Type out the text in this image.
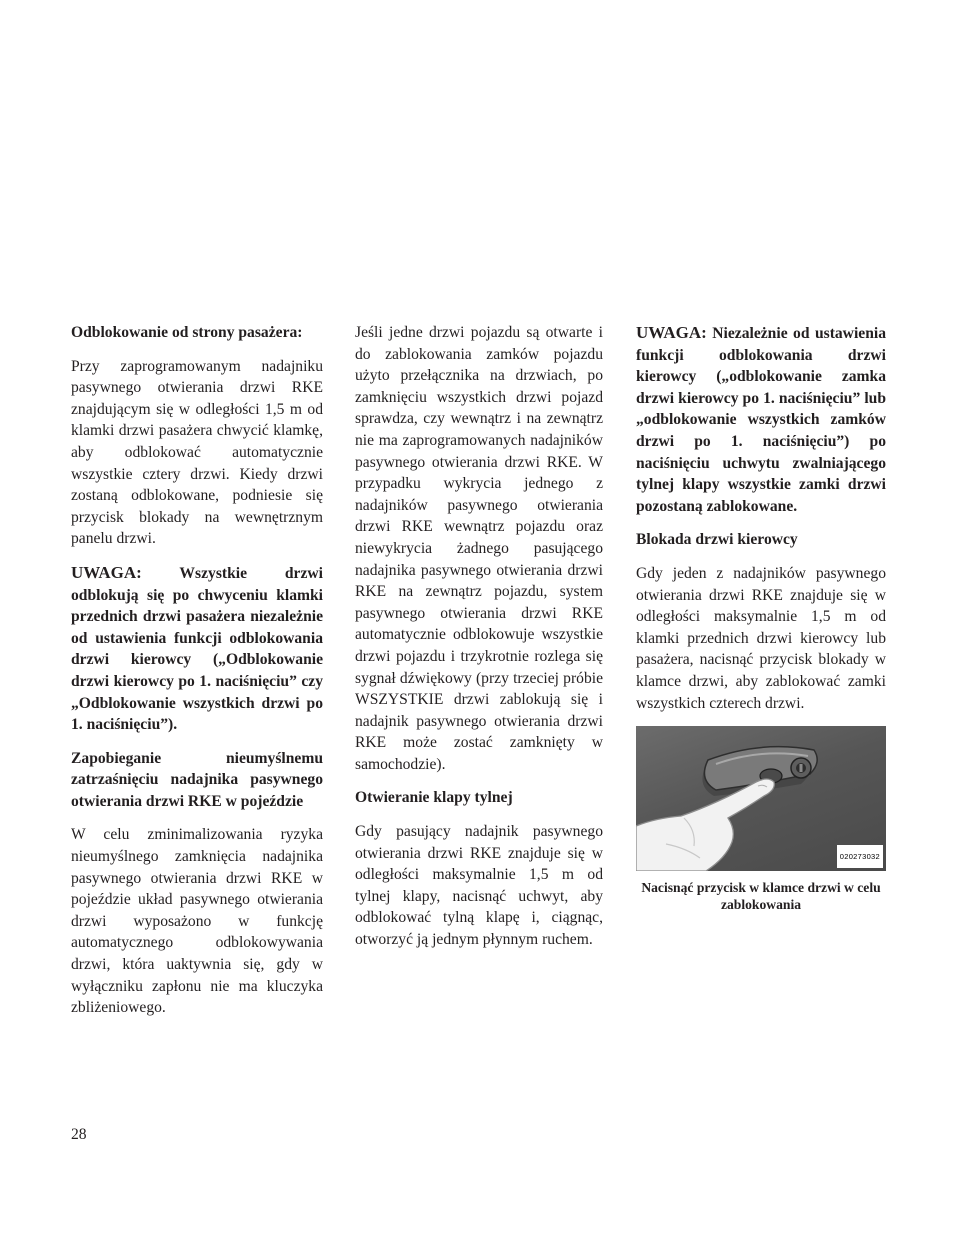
Odblokowanie od strony pasażera:

Przy zaprogramowanym nadajniku pasywnego otwierania drzwi RKE znajdującym się w odległości 1,5 m od klamki drzwi pasażera chwycić klamkę, aby odblokować automatycznie wszystkie cztery drzwi. Kiedy drzwi zostaną odblokowane, podniesie się przycisk blokady na wewnętrznym panelu drzwi.

UWAGA: Wszystkie drzwi odblokują się po chwyceniu klamki przednich drzwi pasażera niezależnie od ustawienia funkcji odblokowania drzwi kierowcy („Odblokowanie drzwi kierowcy po 1. naciśnięciu” czy „Odblokowanie wszystkich drzwi po 1. naciśnięciu”).

Zapobieganie nieumyślnemu zatrzaśnięciu nadajnika pasywnego otwierania drzwi RKE w pojeździe

W celu zminimalizowania ryzyka nieumyślnego zamknięcia nadajnika pasywnego otwierania drzwi RKE w pojeździe układ pasywnego otwierania drzwi wyposażono w funkcję automatycznego odblokowywania drzwi, która uaktywnia się, gdy w wyłączniku zapłonu nie ma kluczyka zbliżeniowego.

Jeśli jedne drzwi pojazdu są otwarte i do zablokowania zamków pojazdu użyto przełącznika na drzwiach, po zamknięciu wszystkich drzwi pojazd sprawdza, czy wewnątrz i na zewnątrz nie ma zaprogramowanych nadajników pasywnego otwierania drzwi RKE. W przypadku wykrycia jednego z nadajników pasywnego otwierania drzwi RKE wewnątrz pojazdu oraz niewykrycia żadnego pasującego nadajnika pasywnego otwierania drzwi RKE na zewnątrz pojazdu, system pasywnego otwierania drzwi RKE automatycznie odblokowuje wszystkie drzwi pojazdu i trzykrotnie rozlega się sygnał dźwiękowy (przy trzeciej próbie WSZYSTKIE drzwi zablokują się i nadajnik pasywnego otwierania drzwi RKE może zostać zamknięty w samochodzie).

Otwieranie klapy tylnej

Gdy pasujący nadajnik pasywnego otwierania drzwi RKE znajduje się w odległości maksymalnie 1,5 m od tylnej klapy, nacisnąć uchwyt, aby odblokować tylną klapę i, ciągnąc, otworzyć ją jednym płynnym ruchem.

UWAGA: Niezależnie od ustawienia funkcji odblokowania drzwi kierowcy („odblokowanie zamka drzwi kierowcy po 1. naciśnięciu” lub „odblokowanie wszystkich zamków drzwi po 1. naciśnięciu”) po naciśnięciu uchwytu zwalniającego tylnej klapy wszystkie zamki drzwi pozostaną zablokowane.

Blokada drzwi kierowcy

Gdy jeden z nadajników pasywnego otwierania drzwi RKE znajduje się w odległości maksymalnie 1,5 m od klamki przednich drzwi kierowcy lub pasażera, nacisnąć przycisk blokady w klamce drzwi, aby zablokować zamki wszystkich czterech drzwi.

020273032
Nacisnąć przycisk w klamce drzwi w celu zablokowania
28
